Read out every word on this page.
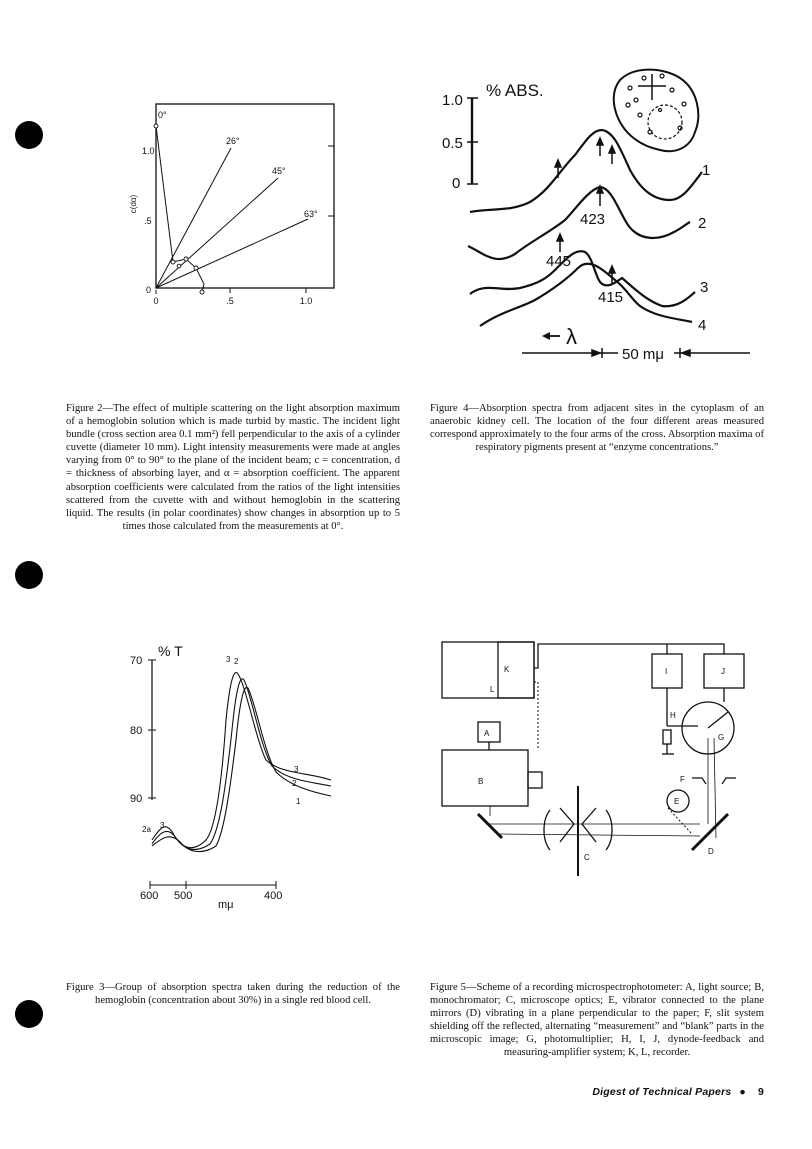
0°
26°
45°
63°
1.0
.5
0
0	.5	1.0
c(dα)
Figure 2—The effect of multiple scattering on the light absorption maximum of a hemoglobin solution which is made turbid by mastic. The incident light bundle (cross section area 0.1 mm²) fell perpendicular to the axis of a cylinder cuvette (diameter 10 mm). Light intensity measurements were made at angles varying from 0° to 90° to the plane of the incident beam; c = concentration, d = thickness of absorbing layer, and α = absorption coefficient. The apparent absorption coefficients were calculated from the ratios of the light intensities scattered from the cuvette with and without hemoglobin in the scattering liquid. The results (in polar coordinates) show changes in absorption up to 5 times those calculated from the measurements at 0°.
1.0
0.5
0
% ABS.
423
445
415
1
2
3
4
λ
50 mμ
Figure 4—Absorption spectra from adjacent sites in the cytoplasm of an anaerobic kidney cell. The location of the four different areas measured correspond approximately to the four arms of the cross. Absorption maxima of respiratory pigments present at “enzyme concentrations.”
70
80
90
% T
3 2
3
2
1
2a 3
600 500	400
mμ
Figure 3—Group of absorption spectra taken during the reduction of the hemoglobin (concentration about 30%) in a single red blood cell.
A
B
C
D
E
F
G
H
I	J
K
L
Figure 5—Scheme of a recording microspectrophotometer: A, light source; B, monochromator; C, microscope optics; E, vibrator connected to the plane mirrors (D) vibrating in a plane perpendicular to the paper; F, slit system shielding off the reflected, alternating “measurement” and “blank” parts in the microscopic image; G, photomultiplier; H, I, J, dynode-feedback and measuring-amplifier system; K, L, recorder.
Digest of Technical Papers ● 9
